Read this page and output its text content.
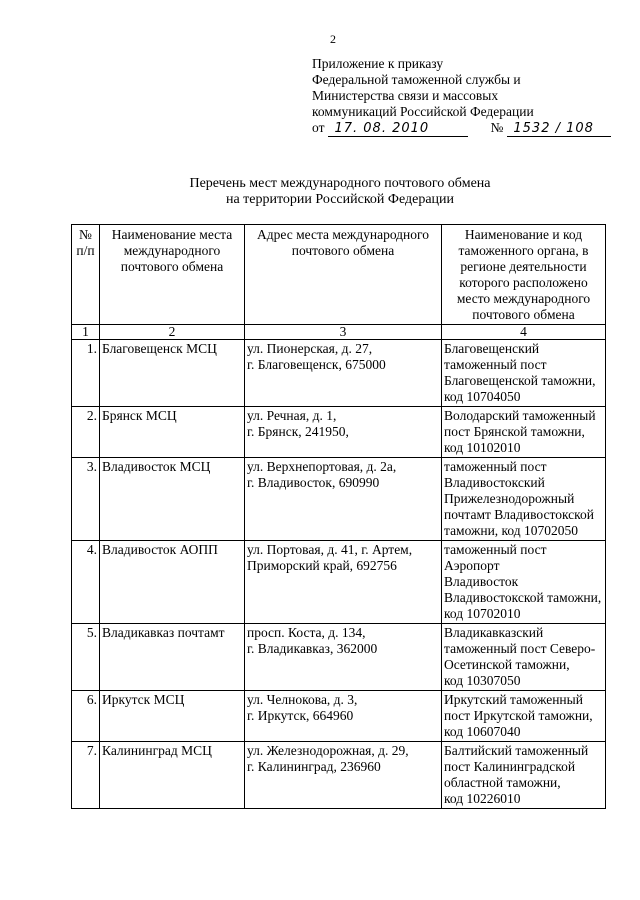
2
Приложение к приказу
Федеральной таможенной службы и
Министерства связи и массовых
коммуникаций Российской Федерации
от 17. 08. 2010	№ 1532 / 108
Перечень мест международного почтового обмена
на территории Российской Федерации
№ п/п	Наименование места международного почтового обмена	Адрес места международного почтового обмена	Наименование и код таможенного органа, в регионе деятельности которого расположено место международного почтового обмена
1	2	3	4
1.	Благовещенск МСЦ	ул. Пионерская, д. 27,
г. Благовещенск, 675000	Благовещенский
таможенный пост
Благовещенской таможни,
код 10704050

2.	Брянск МСЦ	ул. Речная, д. 1,
г. Брянск, 241950,	Володарский таможенный
пост Брянской таможни,
код 10102010

3.	Владивосток МСЦ	ул. Верхнепортовая, д. 2а,
г. Владивосток, 690990	таможенный пост
Владивостокский
Прижелезнодорожный
почтамт Владивостокской
таможни, код 10702050

4.	Владивосток АОПП	ул. Портовая, д. 41, г. Артем,
Приморский край, 692756	таможенный пост Аэропорт
Владивосток
Владивостокской таможни,
код 10702010

5.	Владикавказ почтамт	просп. Коста, д. 134,
г. Владикавказ, 362000	Владикавказский
таможенный пост Северо-
Осетинской таможни,
код 10307050

6.	Иркутск МСЦ	ул. Челнокова, д. 3,
г. Иркутск, 664960	Иркутский таможенный
пост Иркутской таможни,
код 10607040

7.	Калининград МСЦ	ул. Железнодорожная, д. 29,
г. Калининград, 236960	Балтийский таможенный
пост Калининградской
областной таможни,
код 10226010
